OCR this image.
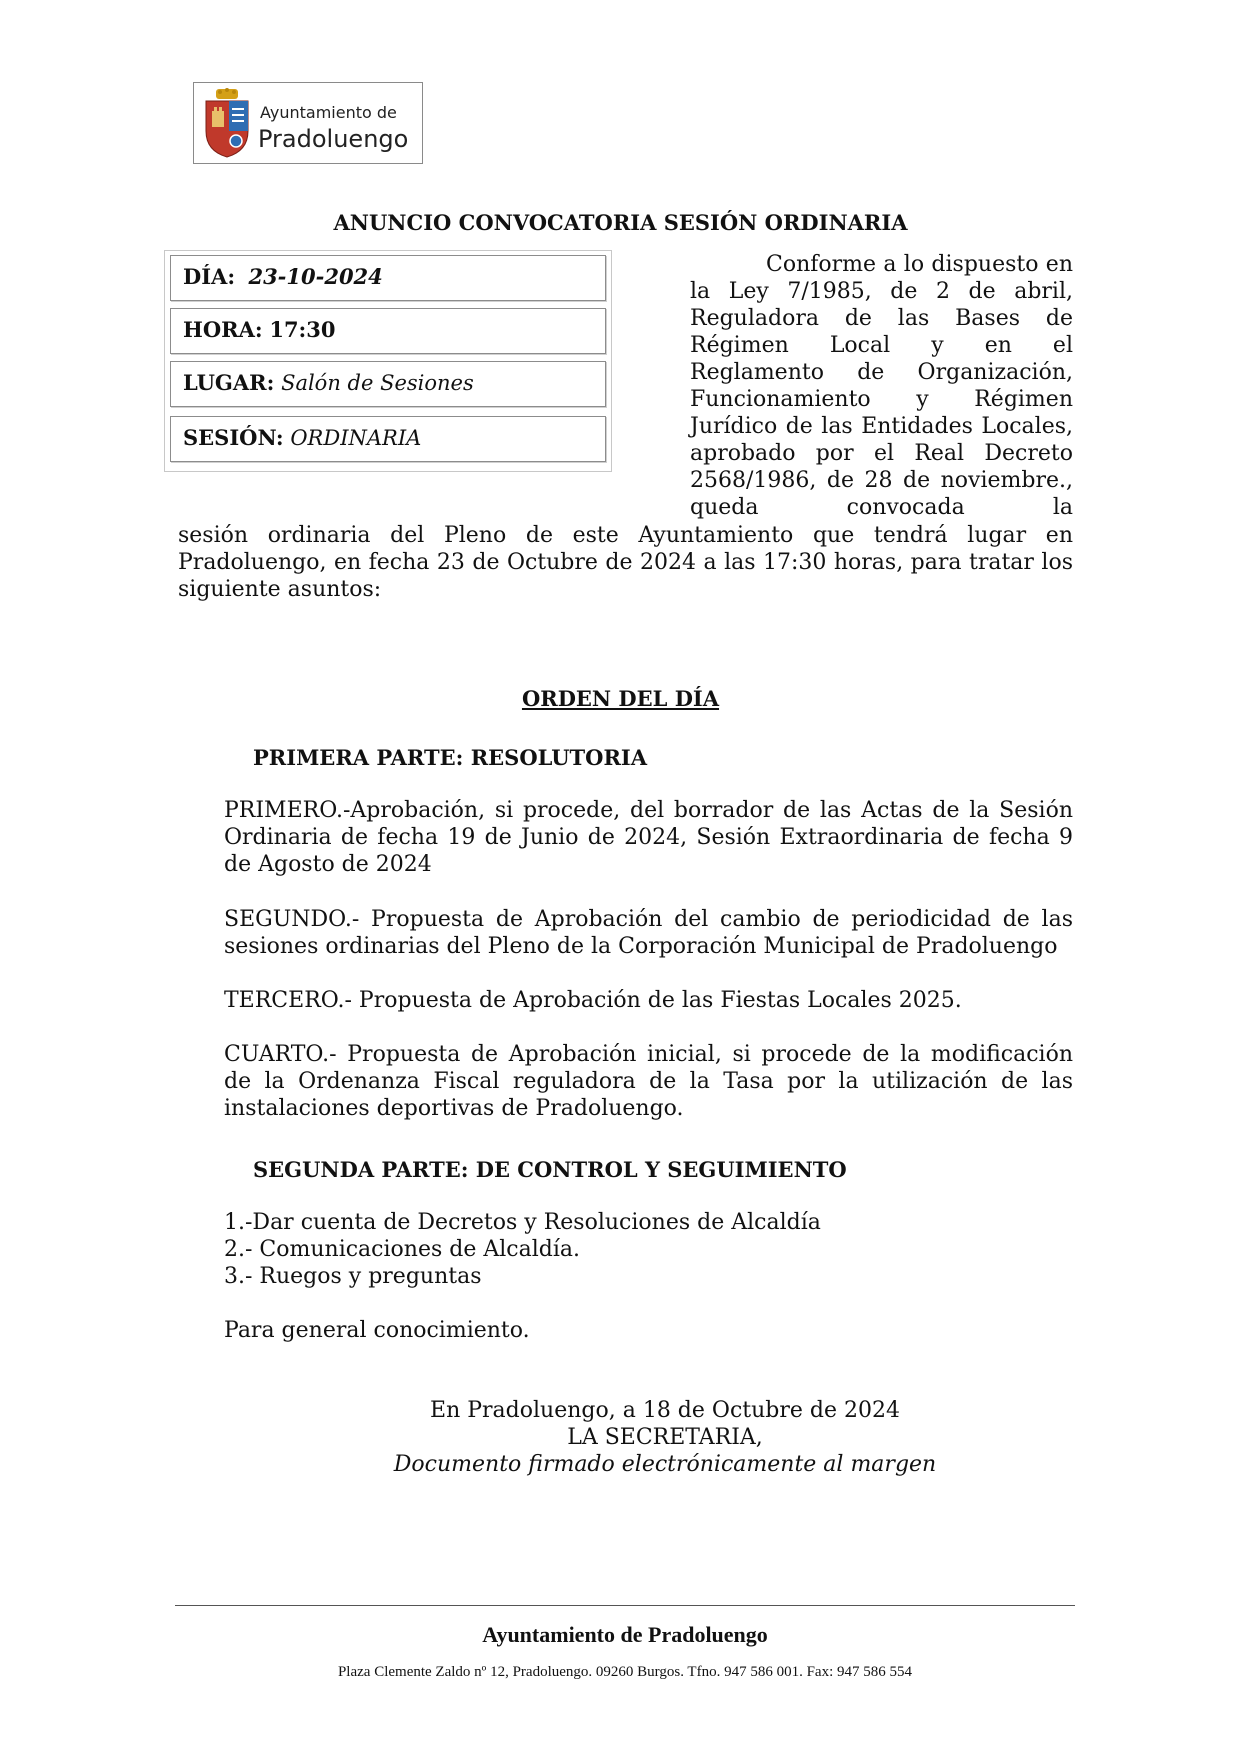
Ayuntamiento de
Pradoluengo
ANUNCIO CONVOCATORIA SESIÓN ORDINARIA
DÍA: 23-10-2024
HORA: 17:30
LUGAR: Salón de Sesiones
SESIÓN: ORDINARIA
Conforme a lo dispuesto en la Ley 7/1985, de 2 de abril, Reguladora de las Bases de Régimen Local y en el Reglamento de Organización, Funcionamiento y Régimen Jurídico de las Entidades Locales, aprobado por el Real Decreto 2568/1986, de 28 de noviembre., queda convocada la
sesión ordinaria del Pleno de este Ayuntamiento que tendrá lugar en Pradoluengo, en fecha 23 de Octubre de 2024 a las 17:30 horas, para tratar los siguiente asuntos:
ORDEN DEL DÍA
PRIMERA PARTE: RESOLUTORIA
PRIMERO.-Aprobación, si procede, del borrador de las Actas de la Sesión Ordinaria de fecha 19 de Junio de 2024, Sesión Extraordinaria de fecha 9 de Agosto de 2024
SEGUNDO.- Propuesta de Aprobación del cambio de periodicidad de las sesiones ordinarias del Pleno de la Corporación Municipal de Pradoluengo
TERCERO.- Propuesta de Aprobación de las Fiestas Locales 2025.
CUARTO.- Propuesta de Aprobación inicial, si procede de la modificación de la Ordenanza Fiscal reguladora de la Tasa por la utilización de las instalaciones deportivas de Pradoluengo.
SEGUNDA PARTE: DE CONTROL Y SEGUIMIENTO
1.-Dar cuenta de Decretos y Resoluciones de Alcaldía
2.- Comunicaciones de Alcaldía.
3.- Ruegos y preguntas
Para general conocimiento.
En Pradoluengo, a 18 de Octubre de 2024
LA SECRETARIA,
Documento firmado electrónicamente al margen
Ayuntamiento de Pradoluengo
Plaza Clemente Zaldo nº 12, Pradoluengo. 09260 Burgos. Tfno. 947 586 001. Fax: 947 586 554
